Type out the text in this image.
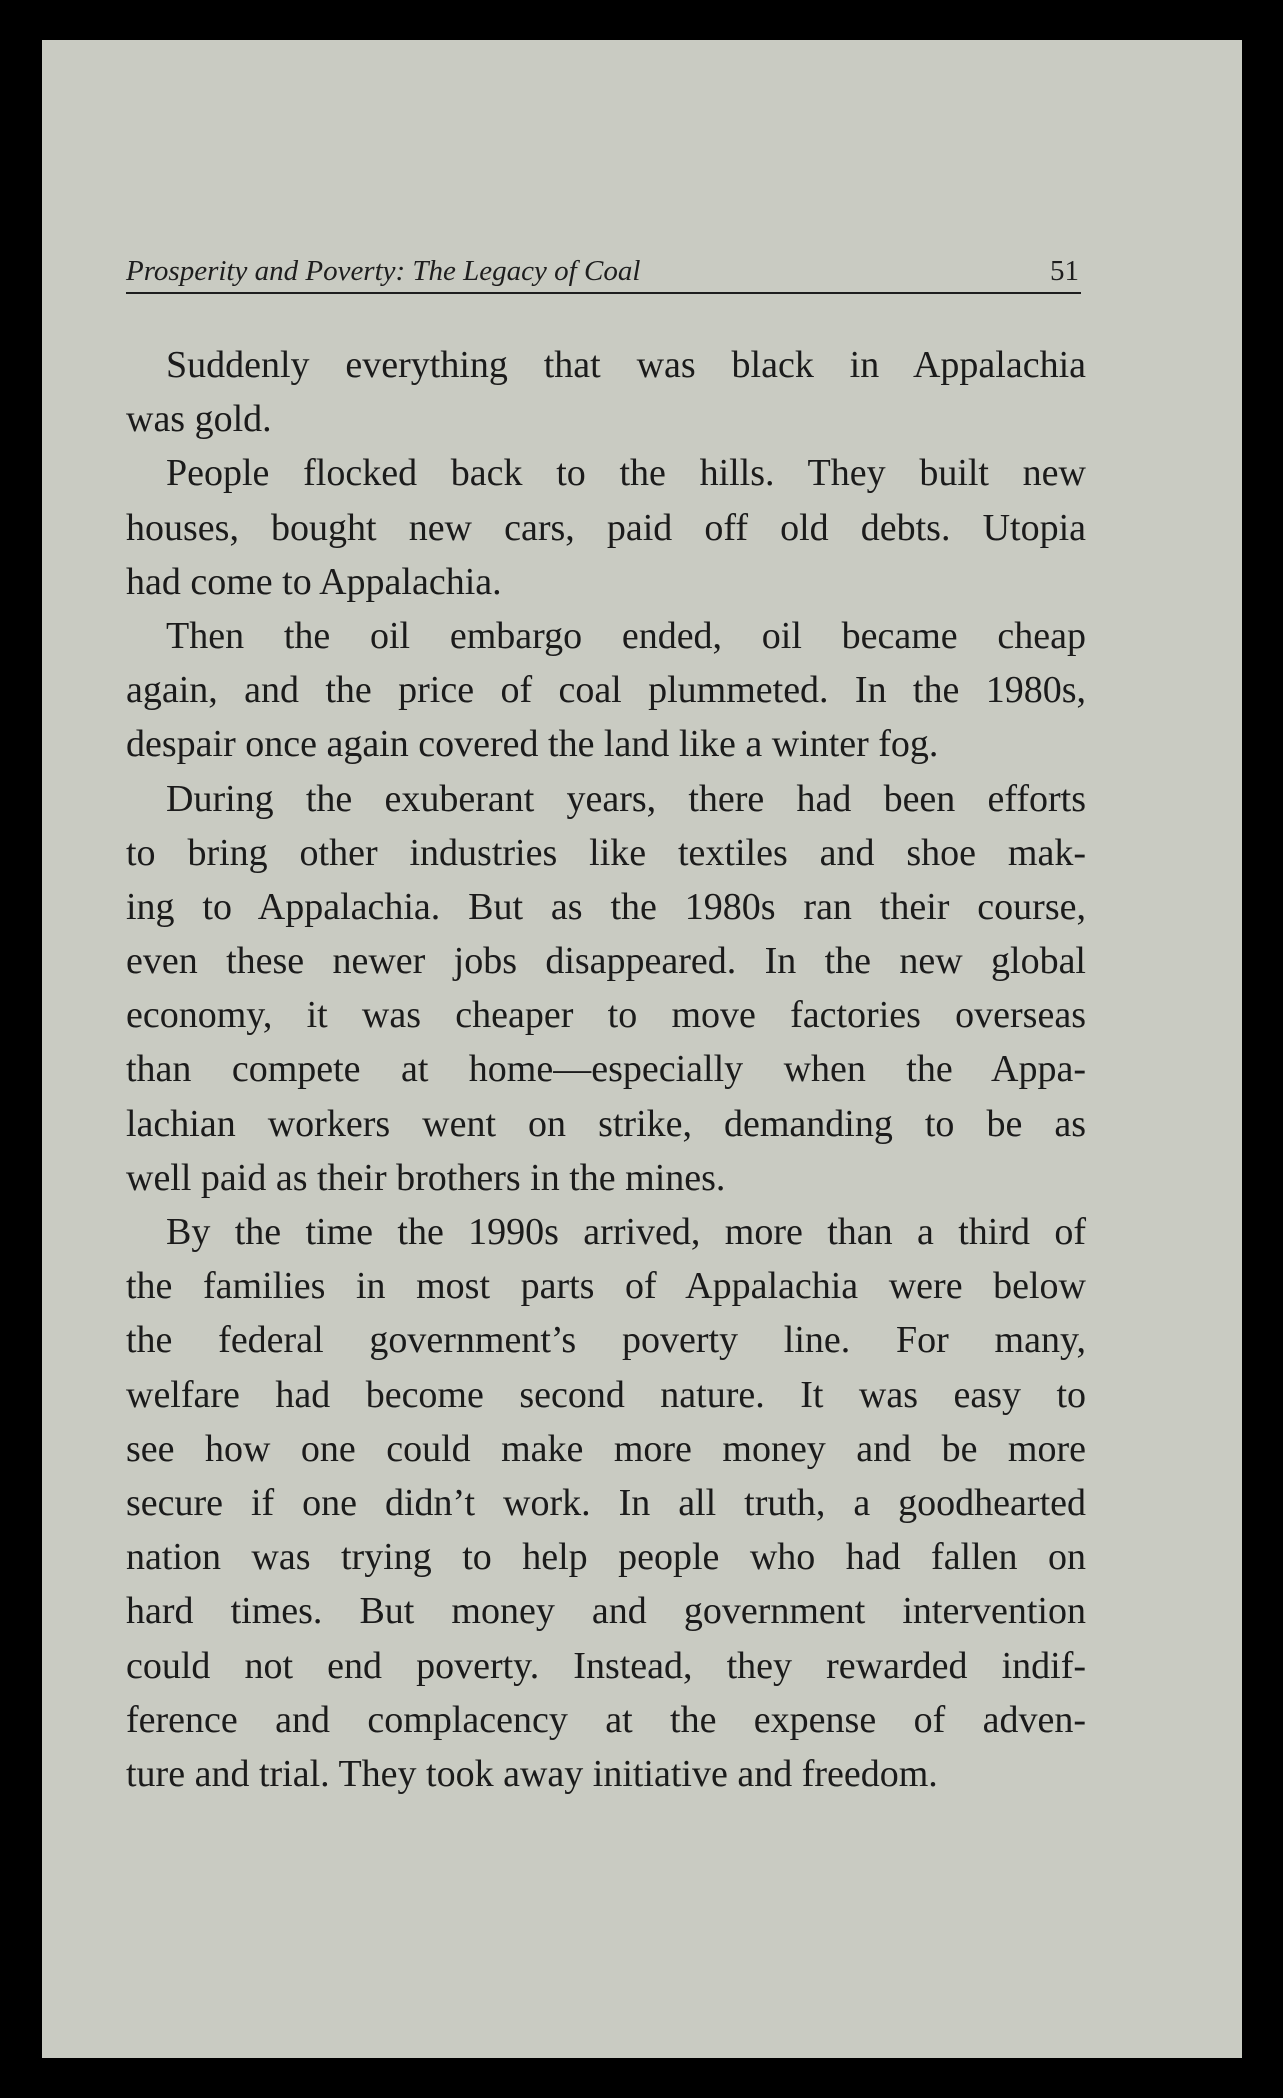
Prosperity and Poverty: The Legacy of Coal	51
Suddenly everything that was black in Appalachia
was gold.
People flocked back to the hills. They built new
houses, bought new cars, paid off old debts. Utopia
had come to Appalachia.
Then the oil embargo ended, oil became cheap
again, and the price of coal plummeted. In the 1980s,
despair once again covered the land like a winter fog.
During the exuberant years, there had been efforts
to bring other industries like textiles and shoe mak-
ing to Appalachia. But as the 1980s ran their course,
even these newer jobs disappeared. In the new global
economy, it was cheaper to move factories overseas
than compete at home—especially when the Appa-
lachian workers went on strike, demanding to be as
well paid as their brothers in the mines.
By the time the 1990s arrived, more than a third of
the families in most parts of Appalachia were below
the federal government’s poverty line. For many,
welfare had become second nature. It was easy to
see how one could make more money and be more
secure if one didn’t work. In all truth, a goodhearted
nation was trying to help people who had fallen on
hard times. But money and government intervention
could not end poverty. Instead, they rewarded indif-
ference and complacency at the expense of adven-
ture and trial. They took away initiative and freedom.
